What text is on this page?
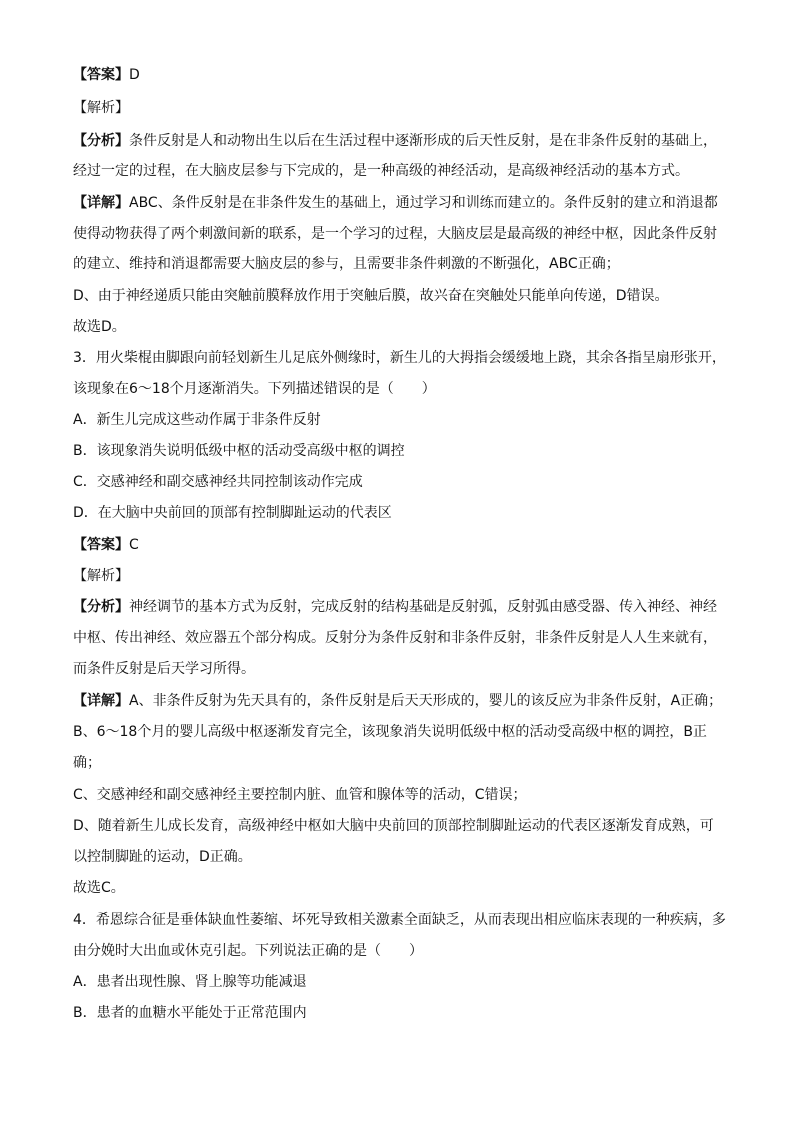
【答案】D
【解析】
【分析】条件反射是人和动物出生以后在生活过程中逐渐形成的后天性反射，是在非条件反射的基础上，
经过一定的过程，在大脑皮层参与下完成的，是一种高级的神经活动，是高级神经活动的基本方式。
【详解】ABC、条件反射是在非条件发生的基础上，通过学习和训练而建立的。条件反射的建立和消退都
使得动物获得了两个刺激间新的联系，是一个学习的过程，大脑皮层是最高级的神经中枢，因此条件反射
的建立、维持和消退都需要大脑皮层的参与，且需要非条件刺激的不断强化，ABC正确；
D、由于神经递质只能由突触前膜释放作用于突触后膜，故兴奋在突触处只能单向传递，D错误。
故选D。
3．用火柴棍由脚跟向前轻划新生儿足底外侧缘时，新生儿的大拇指会缓缓地上跷，其余各指呈扇形张开，
该现象在6～18个月逐渐消失。下列描述错误的是（　　）
A．新生儿完成这些动作属于非条件反射
B．该现象消失说明低级中枢的活动受高级中枢的调控
C．交感神经和副交感神经共同控制该动作完成
D．在大脑中央前回的顶部有控制脚趾运动的代表区
【答案】C
【解析】
【分析】神经调节的基本方式为反射，完成反射的结构基础是反射弧，反射弧由感受器、传入神经、神经
中枢、传出神经、效应器五个部分构成。反射分为条件反射和非条件反射，非条件反射是人人生来就有，
而条件反射是后天学习所得。
【详解】A、非条件反射为先天具有的，条件反射是后天天形成的，婴儿的该反应为非条件反射，A正确；
B、6～18个月的婴儿高级中枢逐渐发育完全，该现象消失说明低级中枢的活动受高级中枢的调控，B正
确；
C、交感神经和副交感神经主要控制内脏、血管和腺体等的活动，C错误；
D、随着新生儿成长发育，高级神经中枢如大脑中央前回的顶部控制脚趾运动的代表区逐渐发育成熟，可
以控制脚趾的运动，D正确。
故选C。
4．希恩综合征是垂体缺血性萎缩、坏死导致相关激素全面缺乏，从而表现出相应临床表现的一种疾病，多
由分娩时大出血或休克引起。下列说法正确的是（　　）
A．患者出现性腺、肾上腺等功能减退
B．患者的血糖水平能处于正常范围内
